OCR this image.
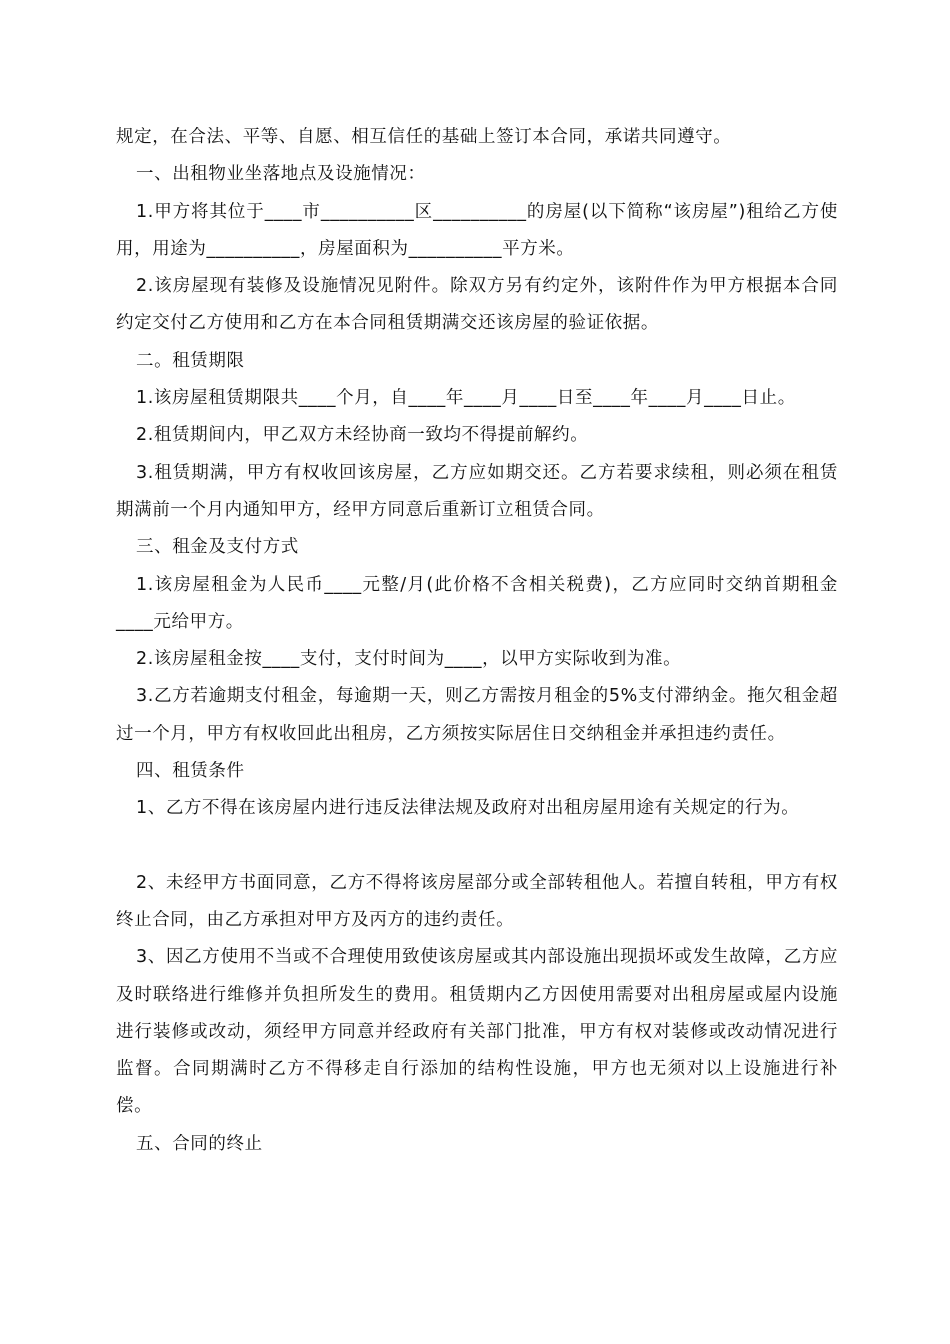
规定，在合法、平等、自愿、相互信任的基础上签订本合同，承诺共同遵守。

一、出租物业坐落地点及设施情况：

1.甲方将其位于____市__________区__________的房屋(以下简称“该房屋”)租给乙方使用，用途为__________，房屋面积为__________平方米。

2.该房屋现有装修及设施情况见附件。除双方另有约定外，该附件作为甲方根据本合同约定交付乙方使用和乙方在本合同租赁期满交还该房屋的验证依据。

二。租赁期限

1.该房屋租赁期限共____个月，自____年____月____日至____年____月____日止。

2.租赁期间内，甲乙双方未经协商一致均不得提前解约。

3.租赁期满，甲方有权收回该房屋，乙方应如期交还。乙方若要求续租，则必须在租赁期满前一个月内通知甲方，经甲方同意后重新订立租赁合同。

三、租金及支付方式

1.该房屋租金为人民币____元整/月(此价格不含相关税费)，乙方应同时交纳首期租金____元给甲方。

2.该房屋租金按____支付，支付时间为____，以甲方实际收到为准。

3.乙方若逾期支付租金，每逾期一天，则乙方需按月租金的5%支付滞纳金。拖欠租金超过一个月，甲方有权收回此出租房，乙方须按实际居住日交纳租金并承担违约责任。

四、租赁条件

1、乙方不得在该房屋内进行违反法律法规及政府对出租房屋用途有关规定的行为。

2、未经甲方书面同意，乙方不得将该房屋部分或全部转租他人。若擅自转租，甲方有权终止合同，由乙方承担对甲方及丙方的违约责任。

3、因乙方使用不当或不合理使用致使该房屋或其内部设施出现损坏或发生故障，乙方应及时联络进行维修并负担所发生的费用。租赁期内乙方因使用需要对出租房屋或屋内设施进行装修或改动，须经甲方同意并经政府有关部门批准，甲方有权对装修或改动情况进行监督。合同期满时乙方不得移走自行添加的结构性设施，甲方也无须对以上设施进行补偿。

五、合同的终止
